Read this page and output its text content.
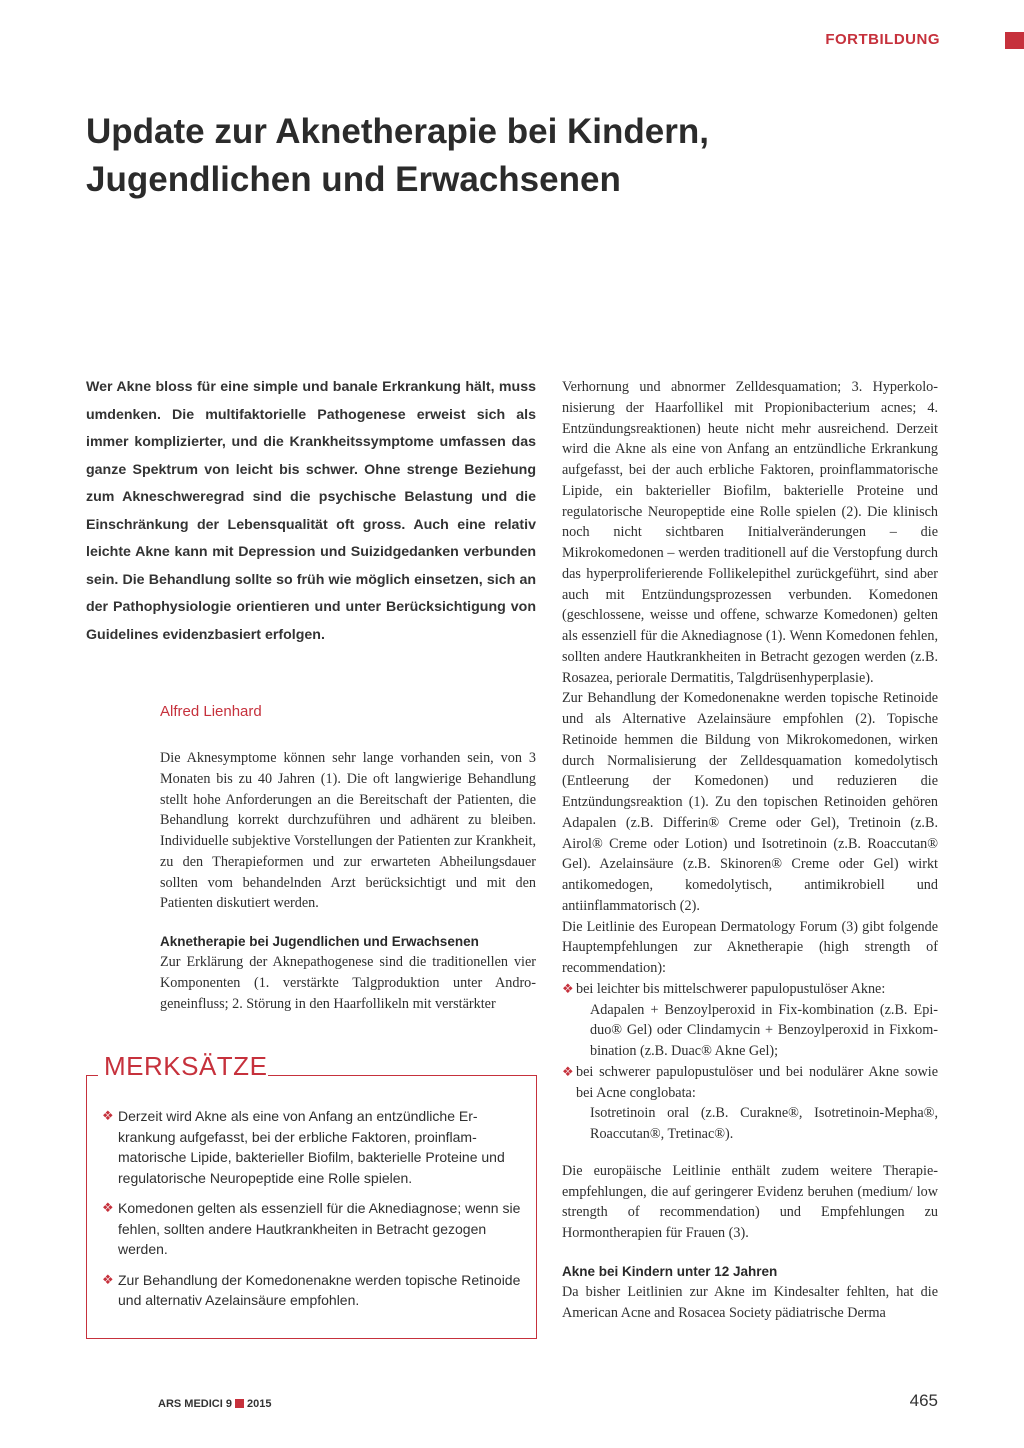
FORTBILDUNG
Update zur Aknetherapie bei Kindern,
Jugendlichen und Erwachsenen

Wer Akne bloss für eine simple und banale Erkrankung hält, muss umdenken. Die multifaktorielle Pathogenese erweist sich als immer komplizierter, und die Krankheitssymptome umfassen das ganze Spektrum von leicht bis schwer. Ohne strenge Beziehung zum Akneschweregrad sind die psychische Belastung und die Einschränkung der Lebensqualität oft gross. Auch eine relativ leichte Akne kann mit Depression und Suizidgedanken verbunden sein. Die Behandlung sollte so früh wie möglich einsetzen, sich an der Pathophysiologie orientieren und unter Berücksichtigung von Guidelines evidenzbasiert erfolgen.

Alfred Lienhard

Die Aknesymptome können sehr lange vorhanden sein, von 3 Monaten bis zu 40 Jahren (1). Die oft langwierige Behandlung stellt hohe Anforderungen an die Bereitschaft der Patienten, die Behandlung korrekt durchzuführen und adhärent zu bleiben. Individuelle subjektive Vorstellungen der Patienten zur Krankheit, zu den Therapieformen und zur erwarteten Abheilungsdauer sollten vom behandelnden Arzt berücksichtigt und mit den Patienten diskutiert werden.

Aknetherapie bei Jugendlichen und Erwachsenen

Zur Erklärung der Aknepathogenese sind die traditionellen vier Komponenten (1. verstärkte Talgproduktion unter Androgeneinfluss; 2. Störung in den Haarfollikeln mit verstärkter

MERKSÄTZE
❖ Derzeit wird Akne als eine von Anfang an entzündliche Erkrankung aufgefasst, bei der erbliche Faktoren, proinflammatorische Lipide, bakterieller Biofilm, bakterielle Proteine und regulatorische Neuropeptide eine Rolle spielen.
❖ Komedonen gelten als essenziell für die Aknediagnose; wenn sie fehlen, sollten andere Hautkrankheiten in Betracht gezogen werden.
❖ Zur Behandlung der Komedonenakne werden topische Retinoide und alternativ Azelainsäure empfohlen.

Verhornung und abnormer Zelldesquamation; 3. Hyperkolonisierung der Haarfollikel mit Propionibacterium acnes; 4. Entzündungsreaktionen) heute nicht mehr ausreichend. Derzeit wird die Akne als eine von Anfang an entzündliche Erkrankung aufgefasst, bei der auch erbliche Faktoren, proinflammatorische Lipide, ein bakterieller Biofilm, bakterielle Proteine und regulatorische Neuropeptide eine Rolle spielen (2). Die klinisch noch nicht sichtbaren Initialveränderungen – die Mikrokomedonen – werden traditionell auf die Verstopfung durch das hyperproliferierende Follikelepithel zurückgeführt, sind aber auch mit Entzündungsprozessen verbunden. Komedonen (geschlossene, weisse und offene, schwarze Komedonen) gelten als essenziell für die Aknediagnose (1). Wenn Komedonen fehlen, sollten andere Hautkrankheiten in Betracht gezogen werden (z.B. Rosazea, periorale Dermatitis, Talgdrüsenhyperplasie).

Zur Behandlung der Komedonenakne werden topische Retinoide und als Alternative Azelainsäure empfohlen (2). Topische Retinoide hemmen die Bildung von Mikrokomedonen, wirken durch Normalisierung der Zelldesquamation komedolytisch (Entleerung der Komedonen) und reduzieren die Entzündungsreaktion (1). Zu den topischen Retinoiden gehören Adapalen (z.B. Differin® Creme oder Gel), Tretinoin (z.B. Airol® Creme oder Lotion) und Isotretinoin (z.B. Roaccutan® Gel). Azelainsäure (z.B. Skinoren® Creme oder Gel) wirkt antikomedogen, komedolytisch, antimikrobiell und antiinflammatorisch (2).

Die Leitlinie des European Dermatology Forum (3) gibt folgende Hauptempfehlungen zur Aknetherapie (high strength of recommendation):

❖ bei leichter bis mittelschwerer papulopustulöser Akne:

Adapalen + Benzoylperoxid in Fix-kombination (z.B. Epiduo® Gel) oder Clindamycin + Benzoylperoxid in Fixkombination (z.B. Duac® Akne Gel);
❖ bei schwerer papulopustulöser und bei nodulärer Akne sowie bei Acne conglobata:

Isotretinoin oral (z.B. Curakne®, Isotretinoin-Mepha®, Roaccutan®, Tretinac®).

Die europäische Leitlinie enthält zudem weitere Therapieempfehlungen, die auf geringerer Evidenz beruhen (medium/ low strength of recommendation) und Empfehlungen zu Hormontherapien für Frauen (3).

Akne bei Kindern unter 12 Jahren

Da bisher Leitlinien zur Akne im Kindesalter fehlten, hat die American Acne and Rosacea Society pädiatrische Derma

ARS MEDICI 9 2015	465
